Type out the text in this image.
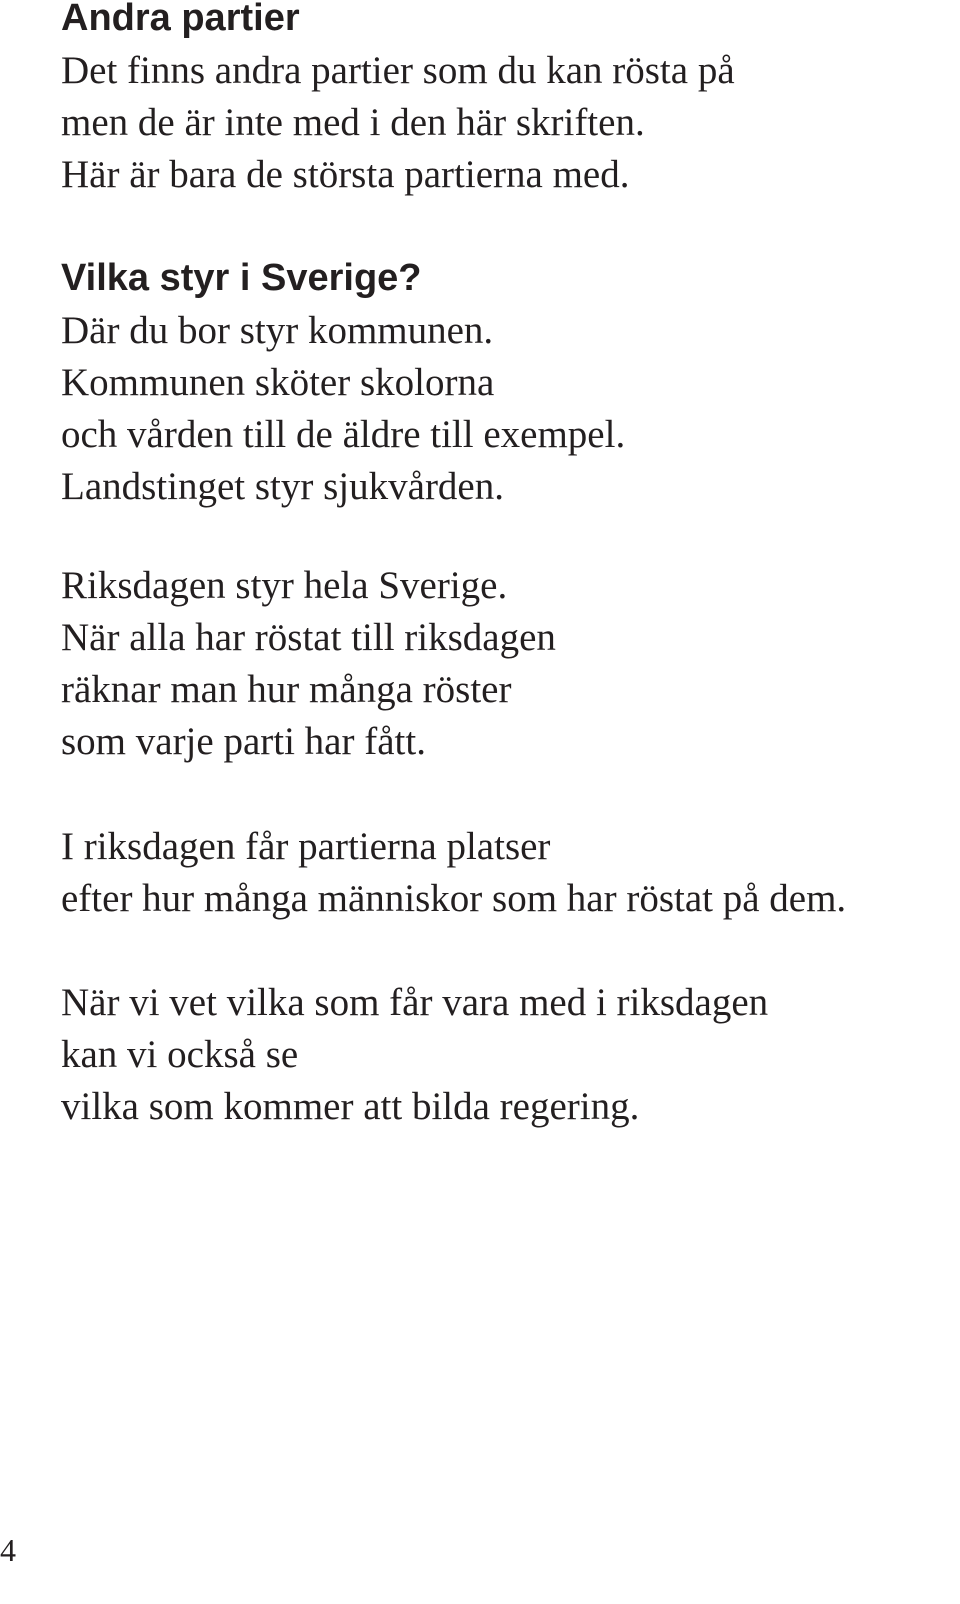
Andra partier

Det finns andra partier som du kan rösta på

men de är inte med i den här skriften.

Här är bara de största partierna med.

Vilka styr i Sverige?

Där du bor styr kommunen.

Kommunen sköter skolorna

och vården till de äldre till exempel.

Landstinget styr sjukvården.

Riksdagen styr hela Sverige.

När alla har röstat till riksdagen

räknar man hur många röster

som varje parti har fått.

I riksdagen får partierna platser

efter hur många människor som har röstat på dem.

När vi vet vilka som får vara med i riksdagen

kan vi också se

vilka som kommer att bilda regering.

4
